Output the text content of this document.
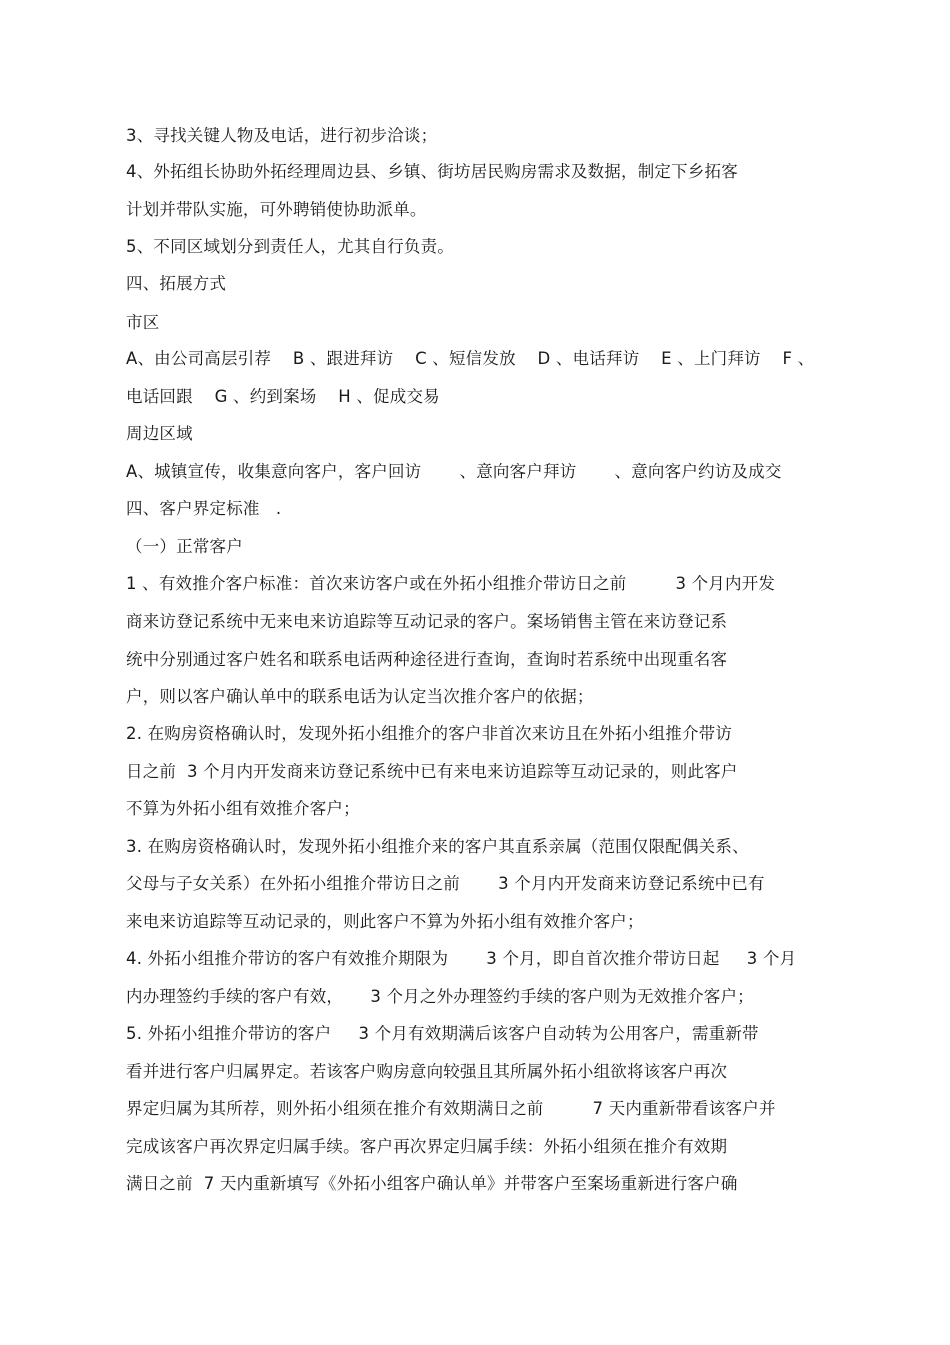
3、寻找关键人物及电话，进行初步洽谈；
4、外拓组长协助外拓经理周边县、乡镇、街坊居民购房需求及数据，制定下乡拓客
计划并带队实施，可外聘销使协助派单。
5、不同区域划分到责任人，尤其自行负责。
四、拓展方式
市区
A、由公司高层引荐    B 、跟进拜访    C 、短信发放    D 、电话拜访    E 、上门拜访    F 、
电话回跟    G 、约到案场    H 、促成交易
周边区域
A、城镇宣传，收集意向客户，客户回访       、意向客户拜访       、意向客户约访及成交
四、客户界定标准   .
（一）正常客户
1 、有效推介客户标准：首次来访客户或在外拓小组推介带访日之前         3 个月内开发
商来访登记系统中无来电来访追踪等互动记录的客户。案场销售主管在来访登记系
统中分别通过客户姓名和联系电话两种途径进行查询，查询时若系统中出现重名客
户，则以客户确认单中的联系电话为认定当次推介客户的依据；
2. 在购房资格确认时，发现外拓小组推介的客户非首次来访且在外拓小组推介带访
日之前  3 个月内开发商来访登记系统中已有来电来访追踪等互动记录的，则此客户
不算为外拓小组有效推介客户；
3. 在购房资格确认时，发现外拓小组推介来的客户其直系亲属（范围仅限配偶关系、
父母与子女关系）在外拓小组推介带访日之前       3 个月内开发商来访登记系统中已有
来电来访追踪等互动记录的，则此客户不算为外拓小组有效推介客户；
4. 外拓小组推介带访的客户有效推介期限为       3 个月，即自首次推介带访日起     3 个月
内办理签约手续的客户有效，     3 个月之外办理签约手续的客户则为无效推介客户；
5. 外拓小组推介带访的客户     3 个月有效期满后该客户自动转为公用客户，需重新带
看并进行客户归属界定。若该客户购房意向较强且其所属外拓小组欲将该客户再次
界定归属为其所荐，则外拓小组须在推介有效期满日之前         7 天内重新带看该客户并
完成该客户再次界定归属手续。客户再次界定归属手续：外拓小组须在推介有效期
满日之前  7 天内重新填写《外拓小组客户确认单》并带客户至案场重新进行客户确
